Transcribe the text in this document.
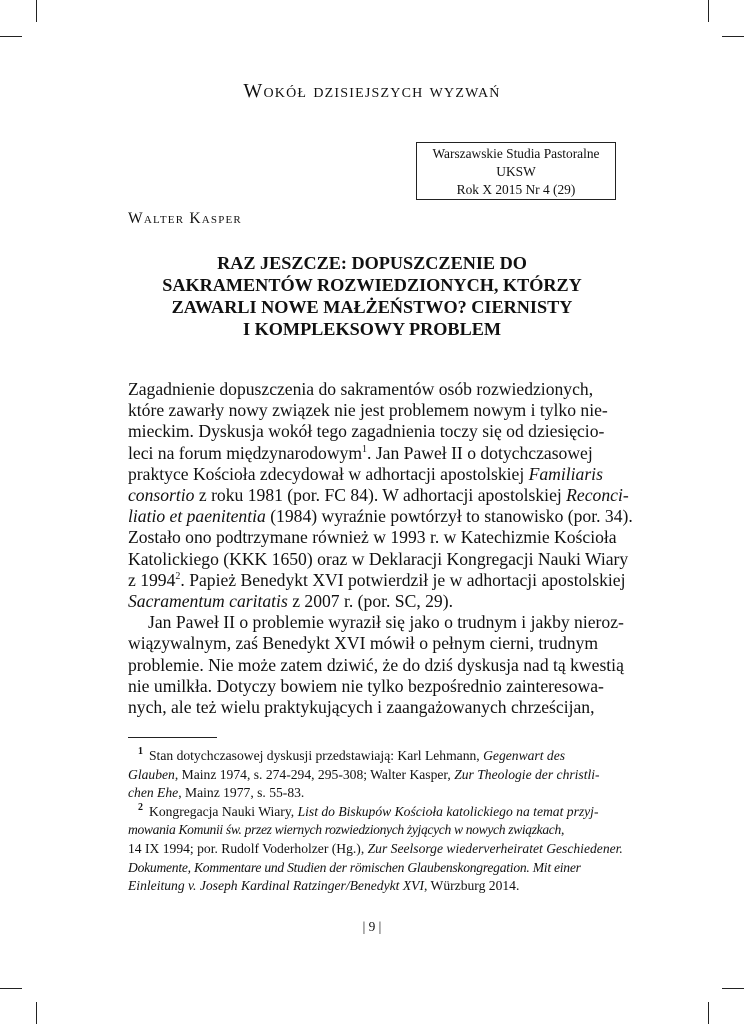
Wokół dzisiejszych wyzwań
Warszawskie Studia Pastoralne
UKSW
Rok X 2015 Nr 4 (29)
Walter Kasper
RAZ JESZCZE: DOPUSZCZENIE DO
SAKRAMENTÓW ROZWIEDZIONYCH, KTÓRZY
ZAWARLI NOWE MAŁŻEŃSTWO? CIERNISTY
I KOMPLEKSOWY PROBLEM
Zagadnienie dopuszczenia do sakramentów osób rozwiedzionych,
które zawarły nowy związek nie jest problemem nowym i tylko nie-
mieckim. Dyskusja wokół tego zagadnienia toczy się od dziesięcio-
leci na forum międzynarodowym$^1$. Jan Paweł II o dotychczasowej
praktyce Kościoła zdecydował w adhortacji apostolskiej Familiaris
consortio z roku 1981 (por. FC 84). W adhortacji apostolskiej Reconci-
liatio et paenitentia (1984) wyraźnie powtórzył to stanowisko (por. 34).
Zostało ono podtrzymane również w 1993 r. w Katechizmie Kościoła
Katolickiego (KKK 1650) oraz w Deklaracji Kongregacji Nauki Wiary
z 1994$^2$. Papież Benedykt XVI potwierdził je w adhortacji apostolskiej
Sacramentum caritatis z 2007 r. (por. SC, 29).
Jan Paweł II o problemie wyraził się jako o trudnym i jakby nieroz-
wiązywalnym, zaś Benedykt XVI mówił o pełnym cierni, trudnym
problemie. Nie może zatem dziwić, że do dziś dyskusja nad tą kwestią
nie umilkła. Dotyczy bowiem nie tylko bezpośrednio zainteresowa-
nych, ale też wielu praktykujących i zaangażowanych chrześcijan,
$^1$ Stan dotychczasowej dyskusji przedstawiają: Karl Lehmann, Gegenwart des
Glauben, Mainz 1974, s. 274-294, 295-308; Walter Kasper, Zur Theologie der christli-
chen Ehe, Mainz 1977, s. 55-83.
$^2$ Kongregacja Nauki Wiary, List do Biskupów Kościoła katolickiego na temat przyj-
mowania Komunii św. przez wiernych rozwiedzionych żyjących w nowych związkach,
14 IX 1994; por. Rudolf Voderholzer (Hg.), Zur Seelsorge wiederverheiratet Geschiedener.
Dokumente, Kommentare und Studien der römischen Glaubenskongregation. Mit einer
Einleitung v. Joseph Kardinal Ratzinger/Benedykt XVI, Würzburg 2014.
| 9 |
